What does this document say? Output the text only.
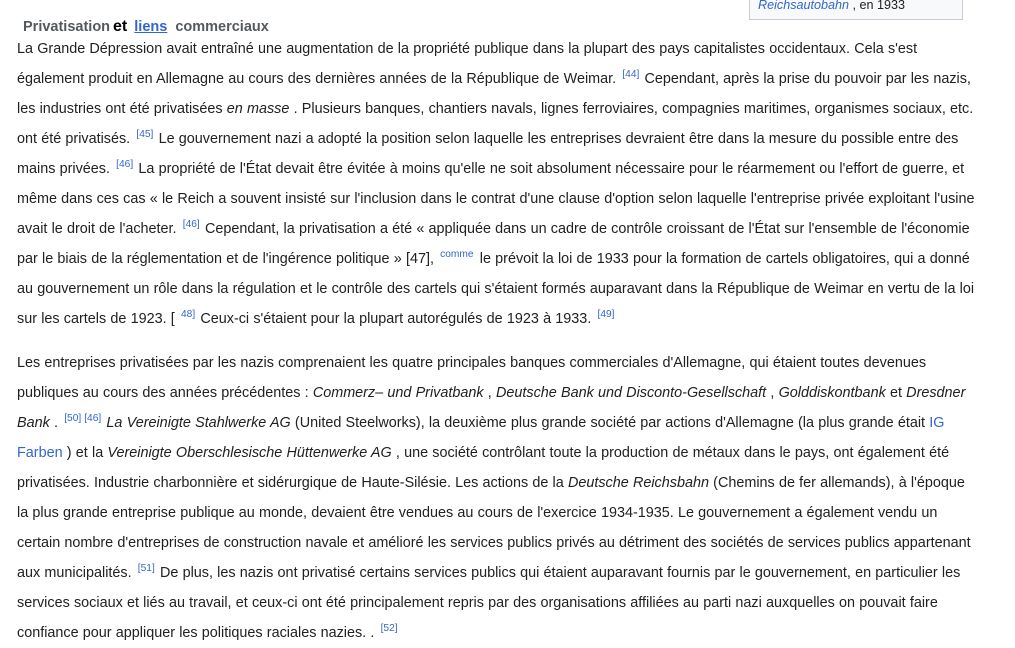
Reichsautobahn , en 1933
Privatisation et liens commerciaux

La Grande Dépression avait entraîné une augmentation de la propriété publique dans la plupart des pays capitalistes occidentaux. Cela s'est également produit en Allemagne au cours des dernières années de la République de Weimar. [44] Cependant, après la prise du pouvoir par les nazis, les industries ont été privatisées en masse . Plusieurs banques, chantiers navals, lignes ferroviaires, compagnies maritimes, organismes sociaux, etc. ont été privatisés. [45] Le gouvernement nazi a adopté la position selon laquelle les entreprises devraient être dans la mesure du possible entre des mains privées. [46] La propriété de l'État devait être évitée à moins qu'elle ne soit absolument nécessaire pour le réarmement ou l'effort de guerre, et même dans ces cas « le Reich a souvent insisté sur l'inclusion dans le contrat d'une clause d'option selon laquelle l'entreprise privée exploitant l'usine avait le droit de l'acheter. [46] Cependant, la privatisation a été « appliquée dans un cadre de contrôle croissant de l'État sur l'ensemble de l'économie par le biais de la réglementation et de l'ingérence politique » [47], $^{comme}$ le prévoit la loi de 1933 pour la formation de cartels obligatoires, qui a donné au gouvernement un rôle dans la régulation et le contrôle des cartels qui s'étaient formés auparavant dans la République de Weimar en vertu de la loi sur les cartels de 1923. [ $^{48]}$ Ceux-ci s'étaient pour la plupart autorégulés de 1923 à 1933. [49]

Les entreprises privatisées par les nazis comprenaient les quatre principales banques commerciales d'Allemagne, qui étaient toutes devenues publiques au cours des années précédentes : Commerz– und Privatbank , Deutsche Bank und Disconto-Gesellschaft , Golddiskontbank et Dresdner Bank . [50] [46] La Vereinigte Stahlwerke AG (United Steelworks), la deuxième plus grande société par actions d'Allemagne (la plus grande était IG Farben ) et la Vereinigte Oberschlesische Hüttenwerke AG , une société contrôlant toute la production de métaux dans le pays, ont également été privatisées. Industrie charbonnière et sidérurgique de Haute-Silésie. Les actions de la Deutsche Reichsbahn (Chemins de fer allemands), à l'époque la plus grande entreprise publique au monde, devaient être vendues au cours de l'exercice 1934-1935. Le gouvernement a également vendu un certain nombre d'entreprises de construction navale et amélioré les services publics privés au détriment des sociétés de services publics appartenant aux municipalités. [51] De plus, les nazis ont privatisé certains services publics qui étaient auparavant fournis par le gouvernement, en particulier les services sociaux et liés au travail, et ceux-ci ont été principalement repris par des organisations affiliées au parti nazi auxquelles on pouvait faire confiance pour appliquer les politiques raciales nazies. . [52]
